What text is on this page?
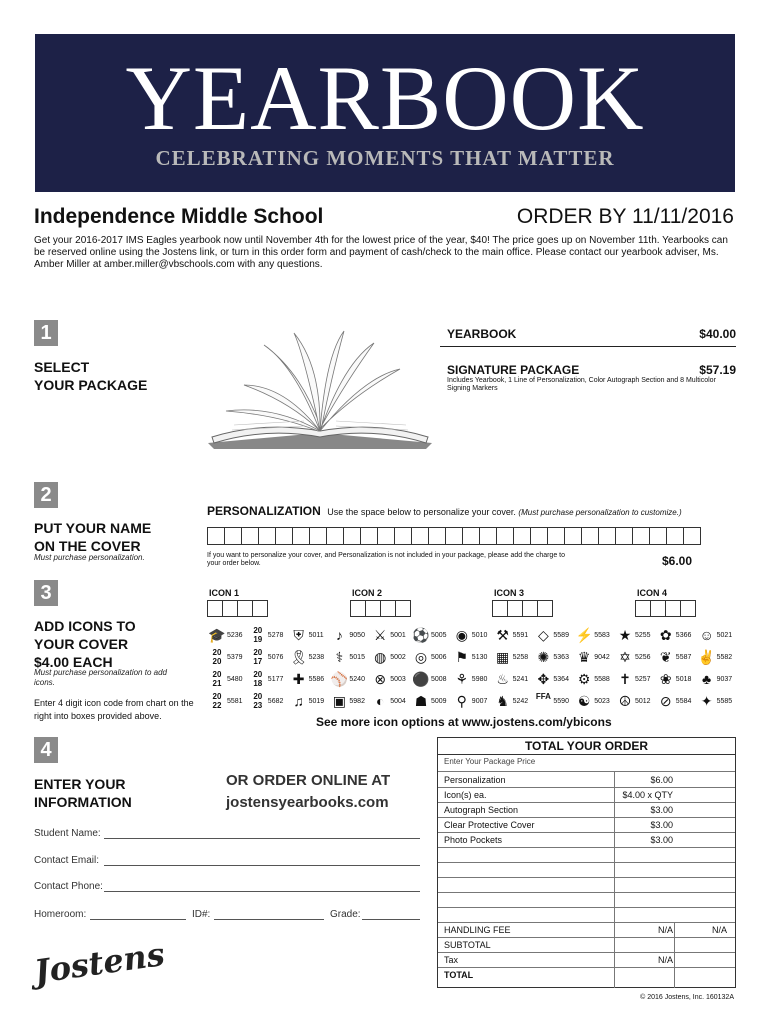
YEARBOOK
CELEBRATING MOMENTS THAT MATTER
Independence Middle School	ORDER BY 11/11/2016
Get your 2016-2017 IMS Eagles yearbook now until November 4th for the lowest price of the year, $40! The price goes up on November 11th. Yearbooks can be reserved online using the Jostens link, or turn in this order form and payment of cash/check to the main office. Please contact our yearbook adviser, Ms. Amber Miller at amber.miller@vbschools.com with any questions.
1
SELECT
YOUR PACKAGE
YEARBOOK	$40.00
SIGNATURE PACKAGE	$57.19
Includes Yearbook, 1 Line of Personalization, Color Autograph Section and 8 Multicolor Signing Markers
2
PUT YOUR NAME
ON THE COVER
Must purchase personalization.
PERSONALIZATION Use the space below to personalize your cover. (Must purchase personalization to customize.)
If you want to personalize your cover, and Personalization is not included in your package, please add the charge to your order below.	$6.00
3
ADD ICONS TO
YOUR COVER
$4.00 EACH
Must purchase personalization to add icons.
Enter 4 digit icon code from chart on the right into boxes provided above.
ICON 1	ICON 2	ICON 3	ICON 4
🎓 5236	20 19 5278 ⛨ 5011 ♪ 9050 ⚔ 5001 ⚽ 5005 ◉ 5010 ⚒ 5591 ◇ 5589 ⚡ 5583 ★ 5255 ✿ 5366 ☺ 5021
20 20 5379	20 17 5076 🎗 5238 ⚕ 5015 ◍ 5002 ◎ 5006 ⚑ 5130 ▦ 5258 ✺ 5363 ♛ 9042 ✡ 5256 ❦ 5587 ✌ 5582
20 21 5480	20 18 5177 ✚ 5586 ⚾ 5240 ⊗ 5003 ⚫ 5008 ⚘ 5980 ♨ 5241 ✥ 5364 ⚙ 5588 ✝ 5257 ❀ 5018 ♣ 9037
20 22 5581	20 23 5682 ♫ 5019 ▣ 5982 ◐ 5004 ☗ 5009 ⚲ 9007 ♞ 5242 FFA 5590 ☯ 5023 ☮ 5012 ⊘ 5584 ✦ 5585
See more icon options at www.jostens.com/ybicons
4
ENTER YOUR
INFORMATION
OR ORDER ONLINE AT
jostensyearbooks.com
Student Name:
Contact Email:
Contact Phone:
Homeroom:	ID#:	Grade:
Jostens
TOTAL YOUR ORDER
Enter Your Package Price
Personalization	$6.00
Icon(s) ea.	$4.00 x QTY
Autograph Section	$3.00
Clear Protective Cover	$3.00
Photo Pockets	$3.00
HANDLING FEE	N/A	N/A
SUBTOTAL
Tax	N/A
TOTAL
© 2016 Jostens, Inc. 160132A
